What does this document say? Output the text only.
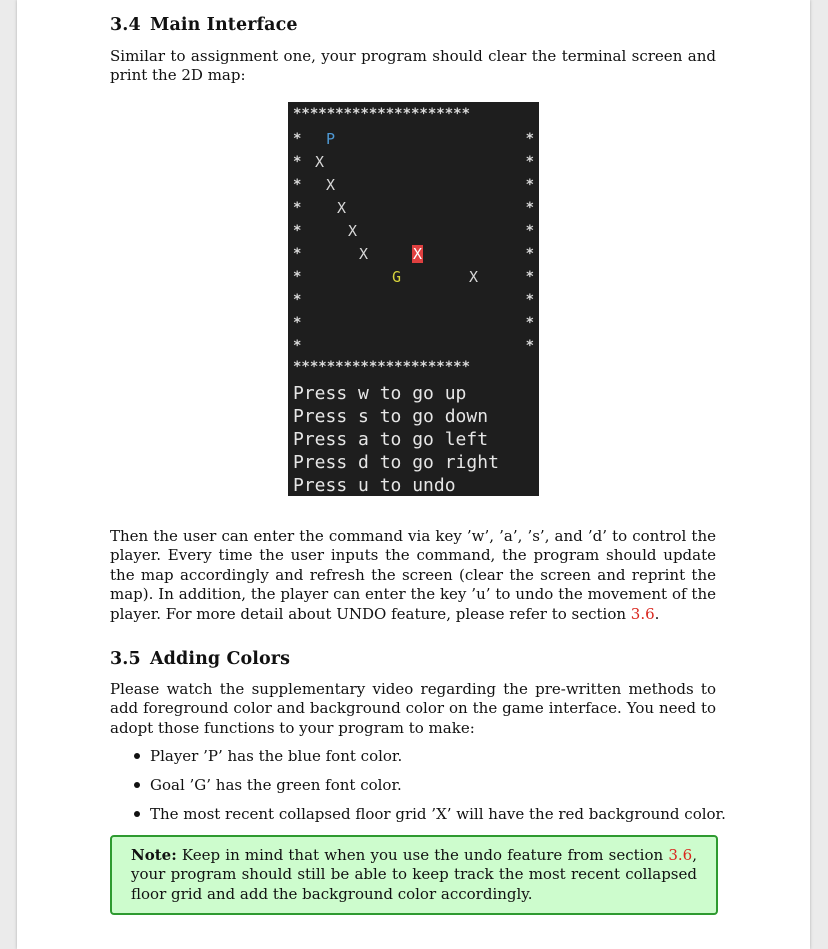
3.4 Main Interface
Similar to assignment one, your program should clear the terminal screen and print the 2D map:
*********************
*	*
*	*
*	*
*	*
*	*
*	*
*	*
*	*
*	*
*	*
P
X
X
X
X
X	X
G	X
*********************
Press w to go up
Press s to go down
Press a to go left
Press d to go right
Press u to undo
Then the user can enter the command via key ’w’, ’a’, ’s’, and ’d’ to control the player. Every time the user inputs the command, the program should update the map accordingly and refresh the screen (clear the screen and reprint the map). In addition, the player can enter the key ’u’ to undo the movement of the player. For more detail about UNDO feature, please refer to section 3.6.
3.5 Adding Colors
Please watch the supplementary video regarding the pre-written methods to add foreground color and background color on the game interface. You need to adopt those functions to your program to make:
Player ’P’ has the blue font color.
Goal ’G’ has the green font color.
The most recent collapsed floor grid ’X’ will have the red background color.
Note: Keep in mind that when you use the undo feature from section 3.6, your program should still be able to keep track the most recent collapsed floor grid and add the background color accordingly.
